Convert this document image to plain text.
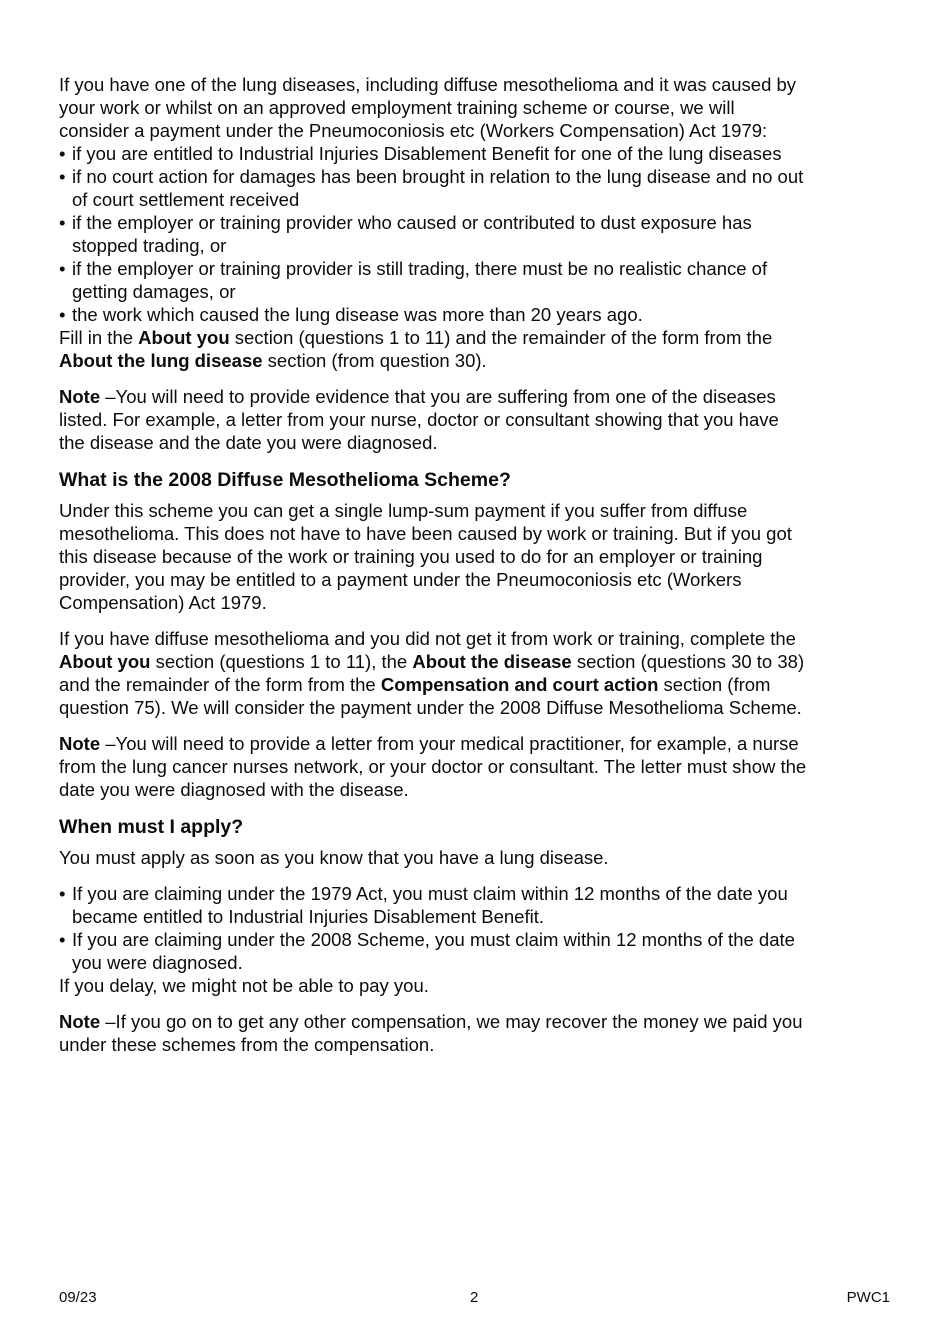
If you have one of the lung diseases, including diffuse mesothelioma and it was caused by your work or whilst on an approved employment training scheme or course, we will consider a payment under the Pneumoconiosis etc (Workers Compensation) Act 1979:

• if you are entitled to Industrial Injuries Disablement Benefit for one of the lung diseases
• if no court action for damages has been brought in relation to the lung disease and no out of court settlement received
• if the employer or training provider who caused or contributed to dust exposure has stopped trading, or
• if the employer or training provider is still trading, there must be no realistic chance of getting damages, or
• the work which caused the lung disease was more than 20 years ago.

Fill in the About you section (questions 1 to 11) and the remainder of the form from the About the lung disease section (from question 30).

Note –You will need to provide evidence that you are suffering from one of the diseases listed. For example, a letter from your nurse, doctor or consultant showing that you have the disease and the date you were diagnosed.

What is the 2008 Diffuse Mesothelioma Scheme?

Under this scheme you can get a single lump-sum payment if you suffer from diffuse mesothelioma. This does not have to have been caused by work or training. But if you got this disease because of the work or training you used to do for an employer or training provider, you may be entitled to a payment under the Pneumoconiosis etc (Workers Compensation) Act 1979.

If you have diffuse mesothelioma and you did not get it from work or training, complete the About you section (questions 1 to 11), the About the disease section (questions 30 to 38) and the remainder of the form from the Compensation and court action section (from question 75). We will consider the payment under the 2008 Diffuse Mesothelioma Scheme.

Note –You will need to provide a letter from your medical practitioner, for example, a nurse from the lung cancer nurses network, or your doctor or consultant. The letter must show the date you were diagnosed with the disease.

When must I apply?

You must apply as soon as you know that you have a lung disease.

• If you are claiming under the 1979 Act, you must claim within 12 months of the date you became entitled to Industrial Injuries Disablement Benefit.
• If you are claiming under the 2008 Scheme, you must claim within 12 months of the date you were diagnosed.

If you delay, we might not be able to pay you.

Note –If you go on to get any other compensation, we may recover the money we paid you under these schemes from the compensation.

09/23	2	PWC1
